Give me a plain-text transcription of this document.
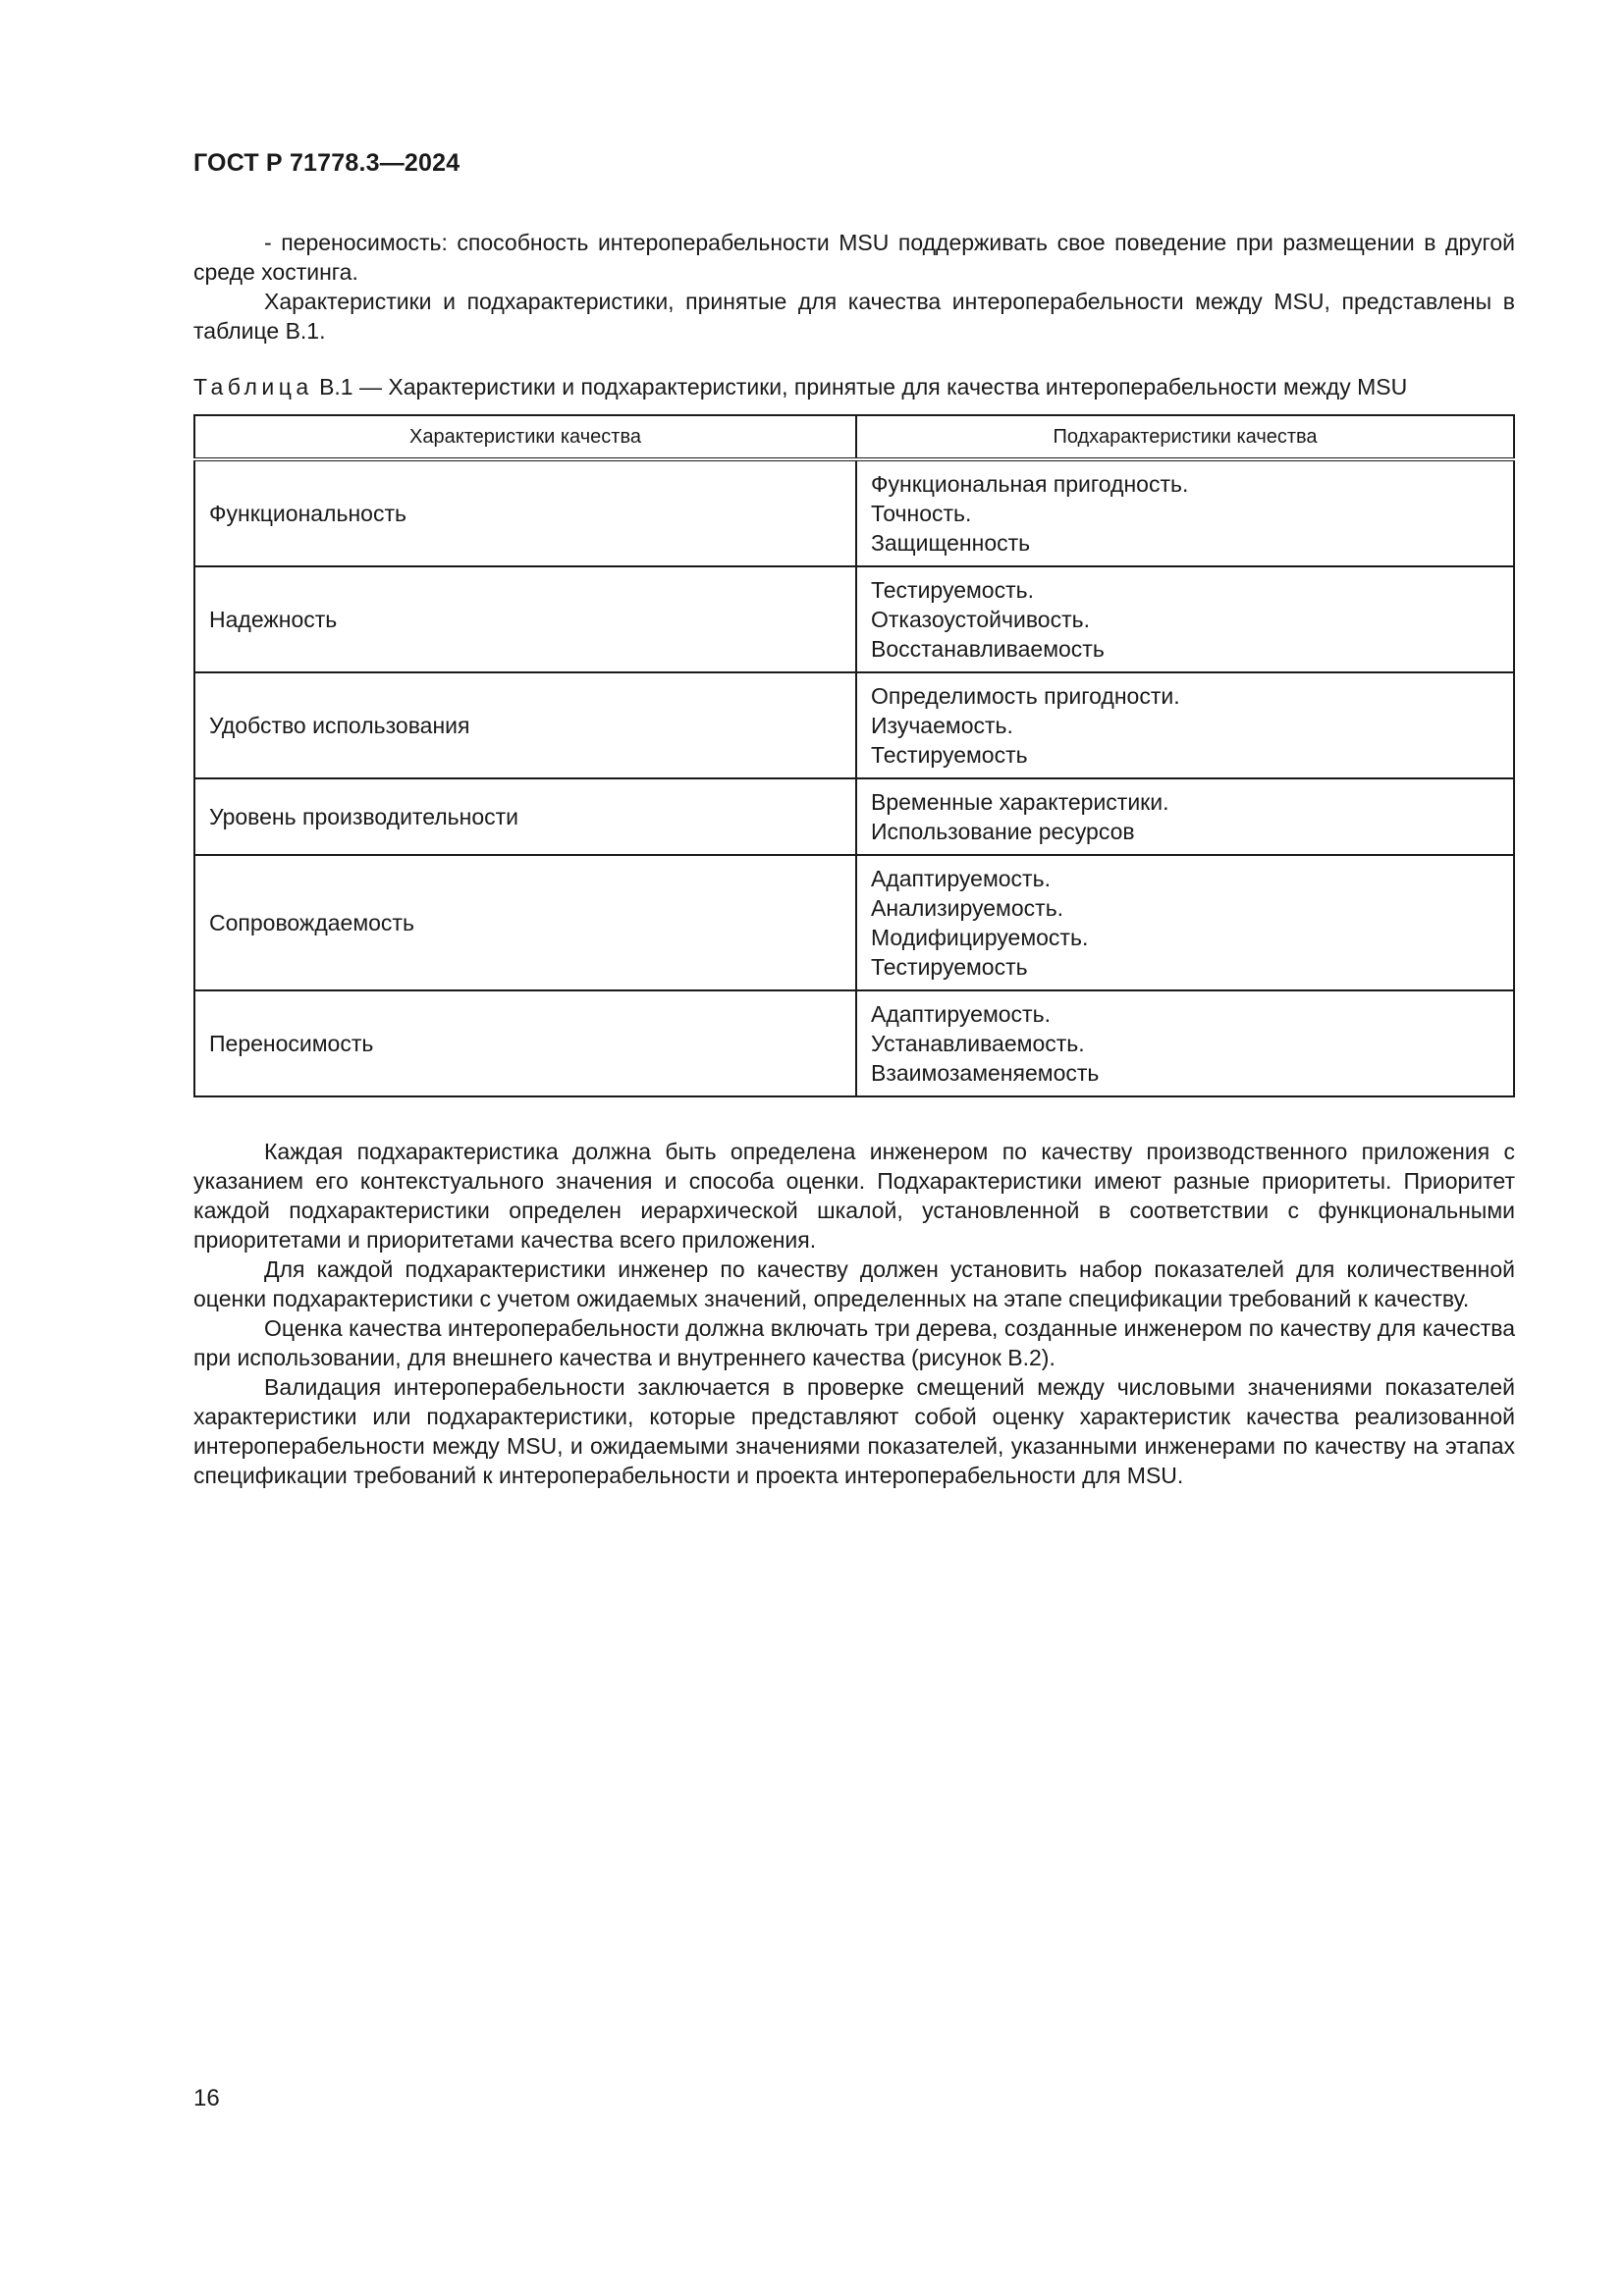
ГОСТ Р 71778.3—2024

- переносимость: способность интероперабельности MSU поддерживать свое поведение при размещении в другой среде хостинга.

Характеристики и подхарактеристики, принятые для качества интероперабельности между MSU, представлены в таблице В.1.

Таблица В.1 — Характеристики и подхарактеристики, принятые для качества интероперабельности между MSU
Характеристики качества	Подхарактеристики качества
Функциональность	Функциональная пригодность.
Точность.
Защищенность

Надежность	Тестируемость.
Отказоустойчивость.
Восстанавливаемость

Удобство использования	Определимость пригодности.
Изучаемость.
Тестируемость

Уровень производительности	Временные характеристики.
Использование ресурсов

Сопровождаемость	Адаптируемость.
Анализируемость.
Модифицируемость.
Тестируемость

Переносимость	Адаптируемость.
Устанавливаемость.
Взаимозаменяемость

Каждая подхарактеристика должна быть определена инженером по качеству производственного приложения с указанием его контекстуального значения и способа оценки. Подхарактеристики имеют разные приоритеты. Приоритет каждой подхарактеристики определен иерархической шкалой, установленной в соответствии с функциональными приоритетами и приоритетами качества всего приложения.

Для каждой подхарактеристики инженер по качеству должен установить набор показателей для количественной оценки подхарактеристики с учетом ожидаемых значений, определенных на этапе спецификации требований к качеству.

Оценка качества интероперабельности должна включать три дерева, созданные инженером по качеству для качества при использовании, для внешнего качества и внутреннего качества (рисунок В.2).

Валидация интероперабельности заключается в проверке смещений между числовыми значениями показателей характеристики или подхарактеристики, которые представляют собой оценку характеристик качества реализованной интероперабельности между MSU, и ожидаемыми значениями показателей, указанными инженерами по качеству на этапах спецификации требований к интероперабельности и проекта интероперабельности для MSU.

16
